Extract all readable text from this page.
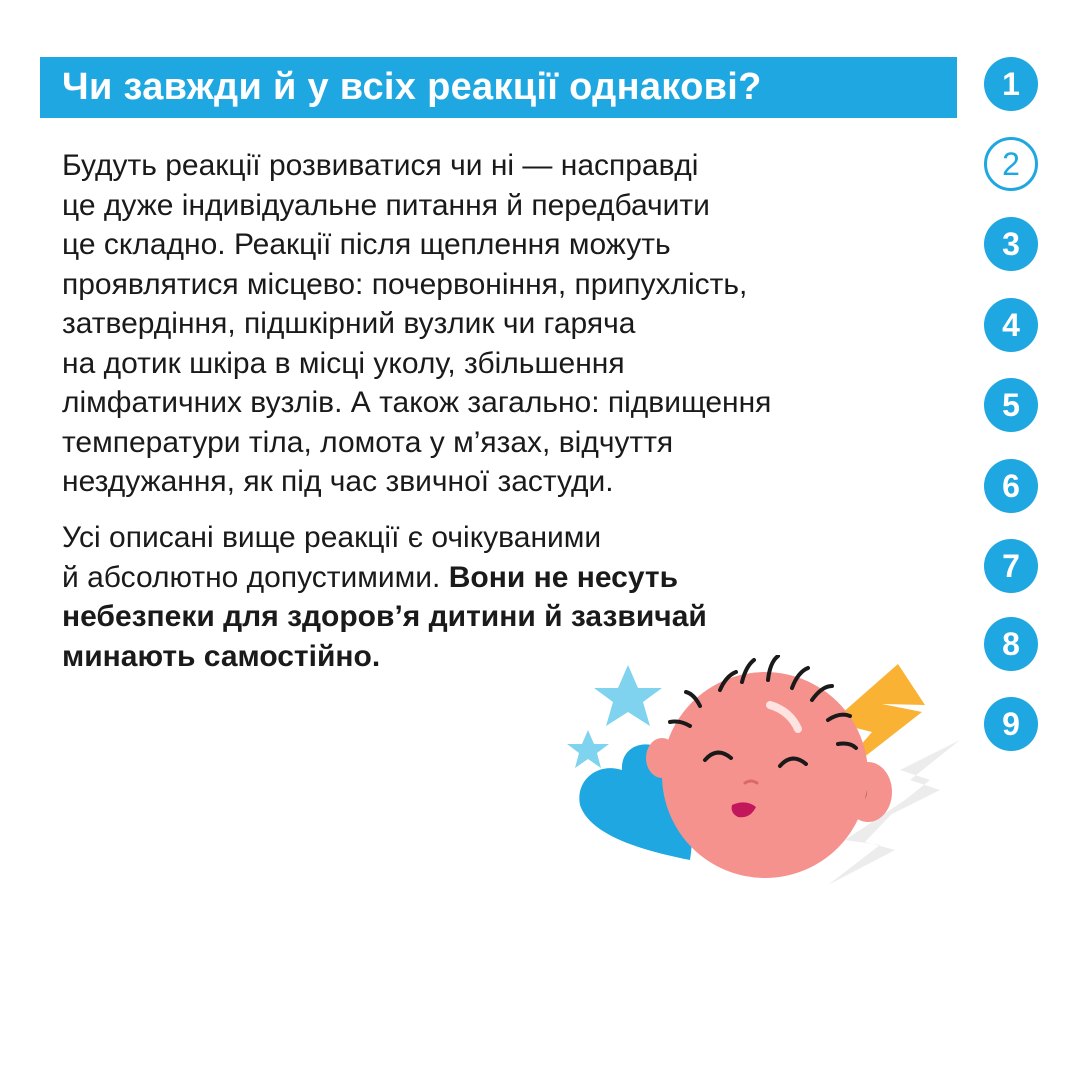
Чи завжди й у всіх реакції однакові?

Будуть реакції розвиватися чи ні — насправді
це дуже індивідуальне питання й передбачити
це складно. Реакції після щеплення можуть
проявлятися місцево: почервоніння, припухлість,
затвердіння, підшкірний вузлик чи гаряча
на дотик шкіра в місці уколу, збільшення
лімфатичних вузлів. А також загально: підвищення
температури тіла, ломота у м’язах, відчуття
нездужання, як під час звичної застуди.

Усі описані вище реакції є очікуваними
й абсолютно допустимими. Вони не несуть
небезпеки для здоров’я дитини й зазвичай
минають самостійно.

1
2
3
4
5
6
7
8
9
